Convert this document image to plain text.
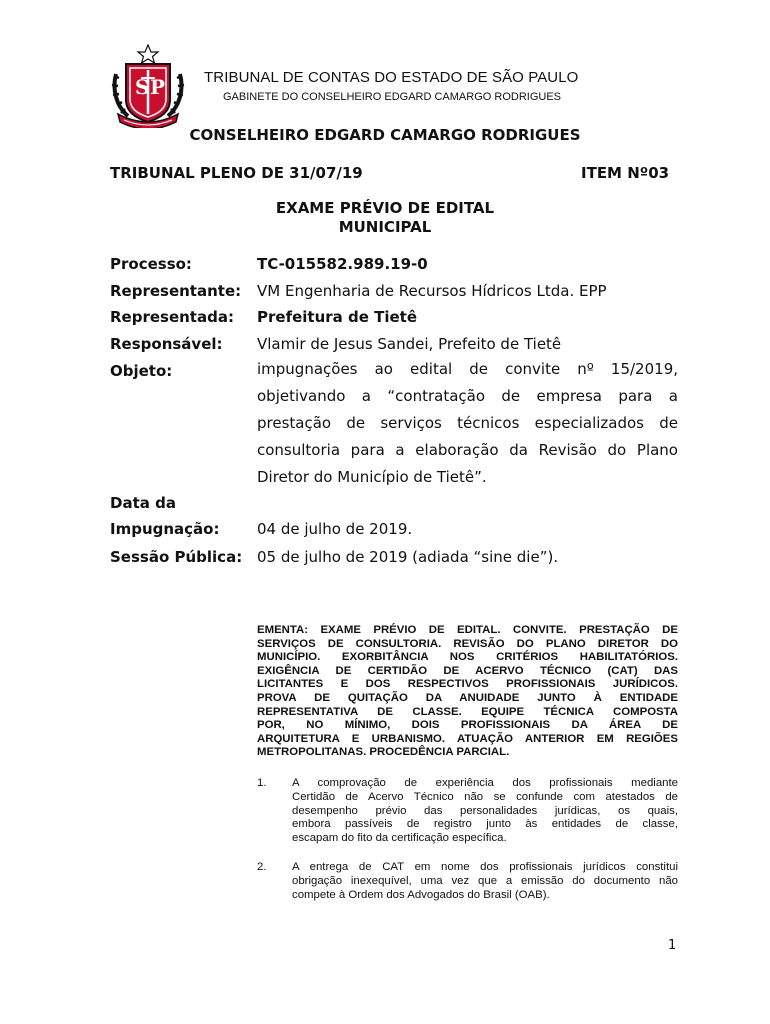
S P	TRIBUNAL DE CONTAS DO ESTADO DE SÃO PAULO
GABINETE DO CONSELHEIRO EDGARD CAMARGO RODRIGUES
CONSELHEIRO EDGARD CAMARGO RODRIGUES
TRIBUNAL PLENO DE 31/07/19	ITEM Nº03
EXAME PRÉVIO DE EDITAL
MUNICIPAL
Processo:	TC-015582.989.19-0
Representante: VM Engenharia de Recursos Hídricos Ltda. EPP
Representada: Prefeitura de Tietê
Responsável: Vlamir de Jesus Sandei, Prefeito de Tietê
Objeto:	impugnações ao edital de convite nº 15/2019,
objetivando a “contratação de empresa para a
prestação de serviços técnicos especializados de
consultoria para a elaboração da Revisão do Plano
Diretor do Município de Tietê”.
Data da
Impugnação:	04 de julho de 2019.
Sessão Pública: 05 de julho de 2019 (adiada “sine die”).
EMENTA: EXAME PRÉVIO DE EDITAL. CONVITE. PRESTAÇÃO DE
SERVIÇOS DE CONSULTORIA. REVISÃO DO PLANO DIRETOR DO
MUNICÍPIO. EXORBITÂNCIA NOS CRITÉRIOS HABILITATÓRIOS.
EXIGÊNCIA DE CERTIDÃO DE ACERVO TÉCNICO (CAT) DAS
LICITANTES E DOS RESPECTIVOS PROFISSIONAIS JURÍDICOS.
PROVA DE QUITAÇÃO DA ANUIDADE JUNTO À ENTIDADE
REPRESENTATIVA DE CLASSE. EQUIPE TÉCNICA COMPOSTA
POR, NO MÍNIMO, DOIS PROFISSIONAIS DA ÁREA DE
ARQUITETURA E URBANISMO. ATUAÇÃO ANTERIOR EM REGIÕES
METROPOLITANAS. PROCEDÊNCIA PARCIAL.
1. A comprovação de experiência dos profissionais mediante
Certidão de Acervo Técnico não se confunde com atestados de
desempenho prévio das personalidades jurídicas, os quais,
embora passíveis de registro junto às entidades de classe,
escapam do fito da certificação específica.
2. A entrega de CAT em nome dos profissionais jurídicos constitui
obrigação inexequível, uma vez que a emissão do documento não
compete à Ordem dos Advogados do Brasil (OAB).
1
